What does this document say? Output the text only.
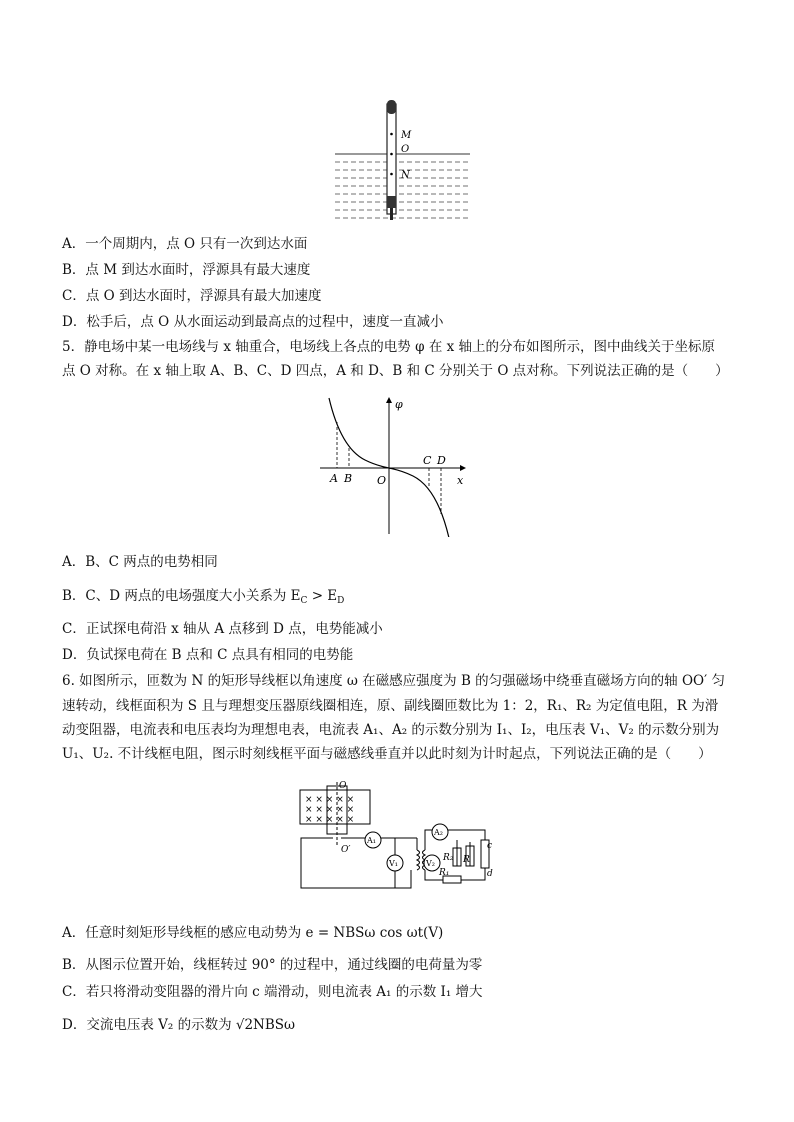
M
O
N
A．一个周期内，点 O 只有一次到达水面
B．点 M 到达水面时，浮源具有最大速度
C．点 O 到达水面时，浮源具有最大加速度
D．松手后，点 O 从水面运动到最高点的过程中，速度一直减小
5．静电场中某一电场线与 x 轴重合，电场线上各点的电势 φ 在 x 轴上的分布如图所示，图中曲线关于坐标原
点 O 对称。在 x 轴上取 A、B、C、D 四点，A 和 D、B 和 C 分别关于 O 点对称。下列说法正确的是（　　）
φ
A B O
C D
x
A．B、C 两点的电势相同
B．C、D 两点的电场强度大小关系为 $E_C > E_D$
C．正试探电荷沿 x 轴从 A 点移到 D 点，电势能减小
D．负试探电荷在 B 点和 C 点具有相同的电势能
6. 如图所示，匝数为 N 的矩形导线框以角速度 ω 在磁感应强度为 B 的匀强磁场中绕垂直磁场方向的轴 OO′ 匀
速转动，线框面积为 S 且与理想变压器原线圈相连，原、副线圈匝数比为 1：2，R₁、R₂ 为定值电阻，R 为滑
动变阻器，电流表和电压表均为理想电表，电流表 A₁、A₂ 的示数分别为 I₁、I₂，电压表 V₁、V₂ 的示数分别为
U₁、U₂. 不计线框电阻，图示时刻线框平面与磁感线垂直并以此时刻为计时起点，下列说法正确的是（　　）
× × × × ×
× × × × ×
× × × × ×
A₁
V₁
A₂
V₂
O
O′
R₂
R₁
R
c
d
A．任意时刻矩形导线框的感应电动势为 e = NBSω cos ωt(V)
B．从图示位置开始，线框转过 90° 的过程中，通过线圈的电荷量为零
C．若只将滑动变阻器的滑片向 c 端滑动，则电流表 A₁ 的示数 I₁ 增大
D．交流电压表 V₂ 的示数为 √2NBSω
